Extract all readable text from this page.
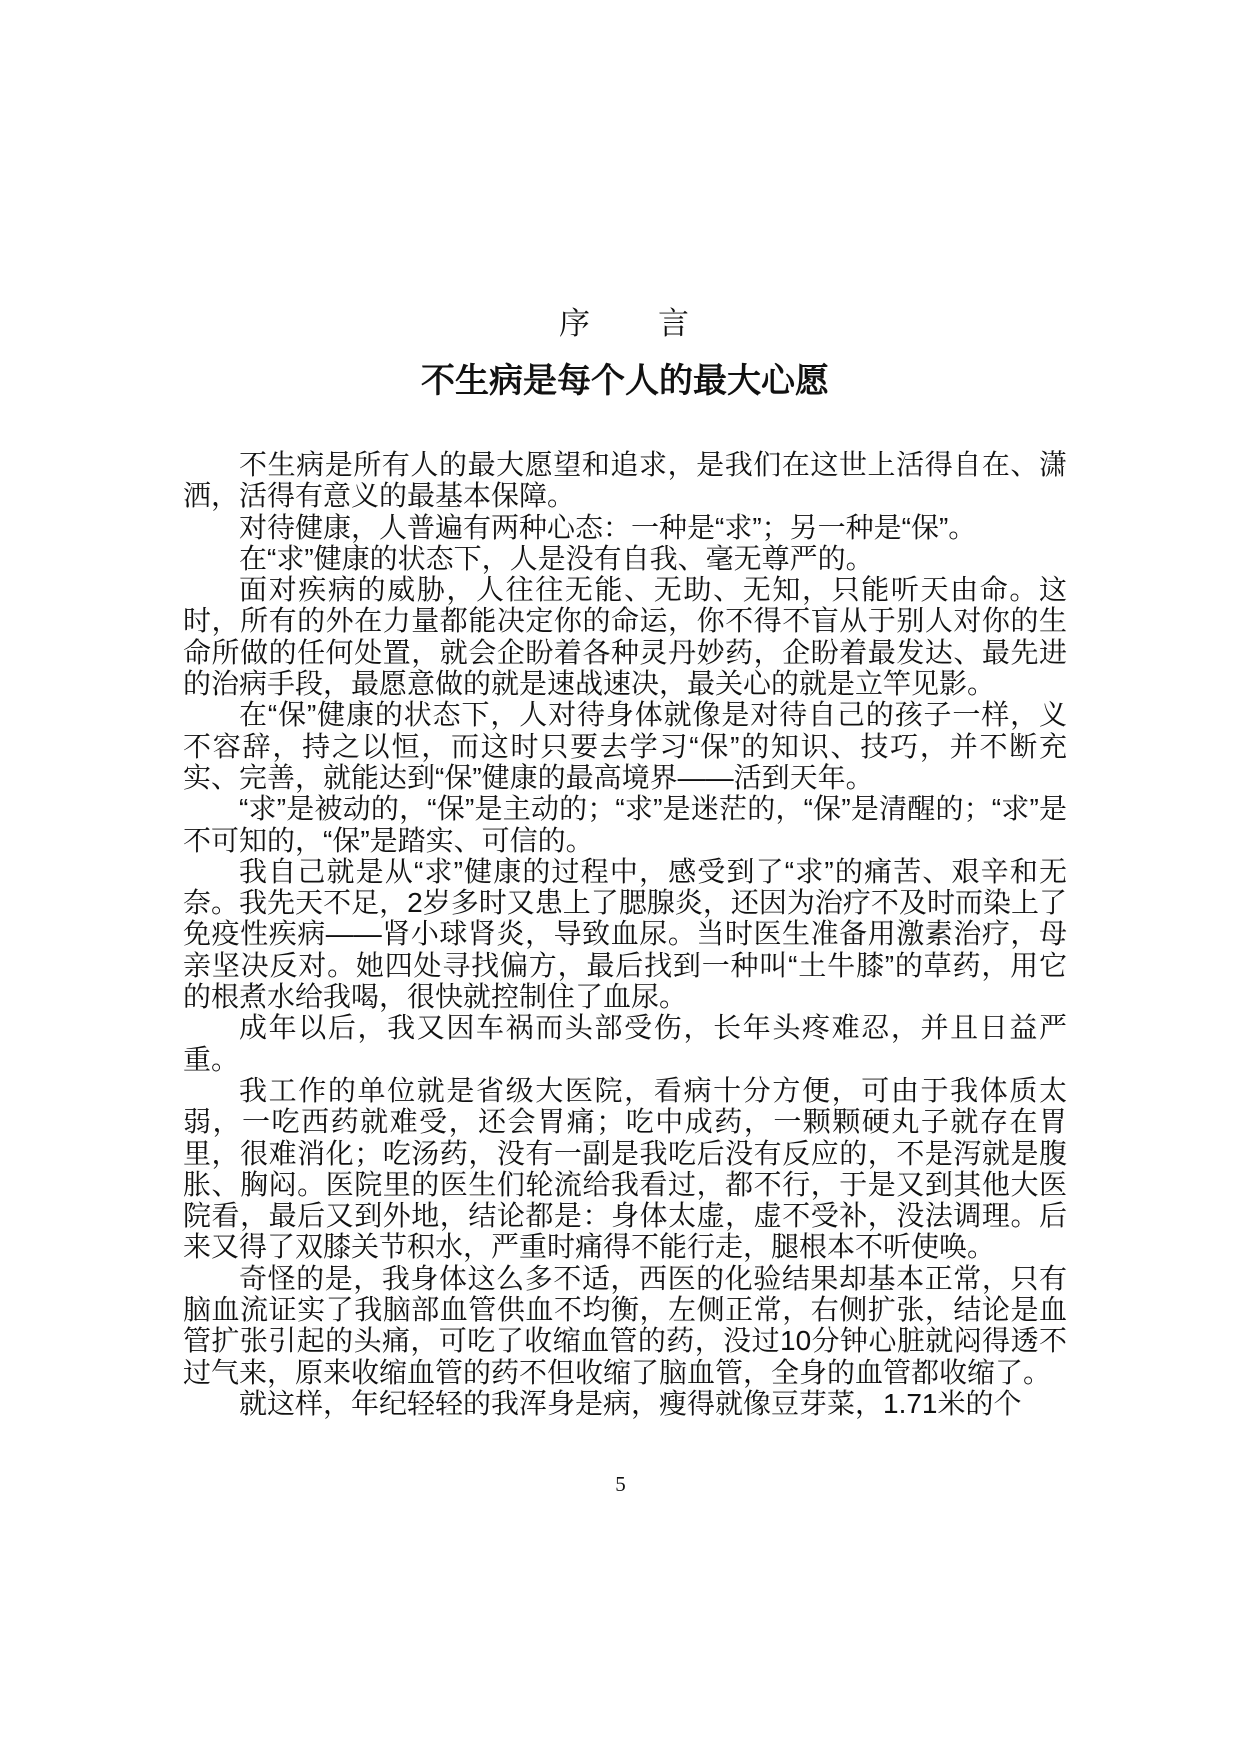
序　　言
不生病是每个人的最大心愿

不生病是所有人的最大愿望和追求，是我们在这世上活得自在、潇洒，活得有意义的最基本保障。

对待健康，人普遍有两种心态：一种是“求”；另一种是“保”。

在“求”健康的状态下，人是没有自我、毫无尊严的。

面对疾病的威胁，人往往无能、无助、无知，只能听天由命。这时，所有的外在力量都能决定你的命运，你不得不盲从于别人对你的生命所做的任何处置，就会企盼着各种灵丹妙药，企盼着最发达、最先进的治病手段，最愿意做的就是速战速决，最关心的就是立竿见影。

在“保”健康的状态下，人对待身体就像是对待自己的孩子一样，义不容辞，持之以恒，而这时只要去学习“保”的知识、技巧，并不断充实、完善，就能达到“保”健康的最高境界——活到天年。

“求”是被动的，“保”是主动的；“求”是迷茫的，“保”是清醒的；“求”是不可知的，“保”是踏实、可信的。

我自己就是从“求”健康的过程中，感受到了“求”的痛苦、艰辛和无奈。我先天不足，2岁多时又患上了腮腺炎，还因为治疗不及时而染上了免疫性疾病——肾小球肾炎，导致血尿。当时医生准备用激素治疗，母亲坚决反对。她四处寻找偏方，最后找到一种叫“土牛膝”的草药，用它的根煮水给我喝，很快就控制住了血尿。

成年以后，我又因车祸而头部受伤，长年头疼难忍，并且日益严重。

我工作的单位就是省级大医院，看病十分方便，可由于我体质太弱，一吃西药就难受，还会胃痛；吃中成药，一颗颗硬丸子就存在胃里，很难消化；吃汤药，没有一副是我吃后没有反应的，不是泻就是腹胀、胸闷。医院里的医生们轮流给我看过，都不行，于是又到其他大医院看，最后又到外地，结论都是：身体太虚，虚不受补，没法调理。后来又得了双膝关节积水，严重时痛得不能行走，腿根本不听使唤。

奇怪的是，我身体这么多不适，西医的化验结果却基本正常，只有脑血流证实了我脑部血管供血不均衡，左侧正常，右侧扩张，结论是血管扩张引起的头痛，可吃了收缩血管的药，没过10分钟心脏就闷得透不过气来，原来收缩血管的药不但收缩了脑血管，全身的血管都收缩了。

就这样，年纪轻轻的我浑身是病，瘦得就像豆芽菜，1.71米的个

5
